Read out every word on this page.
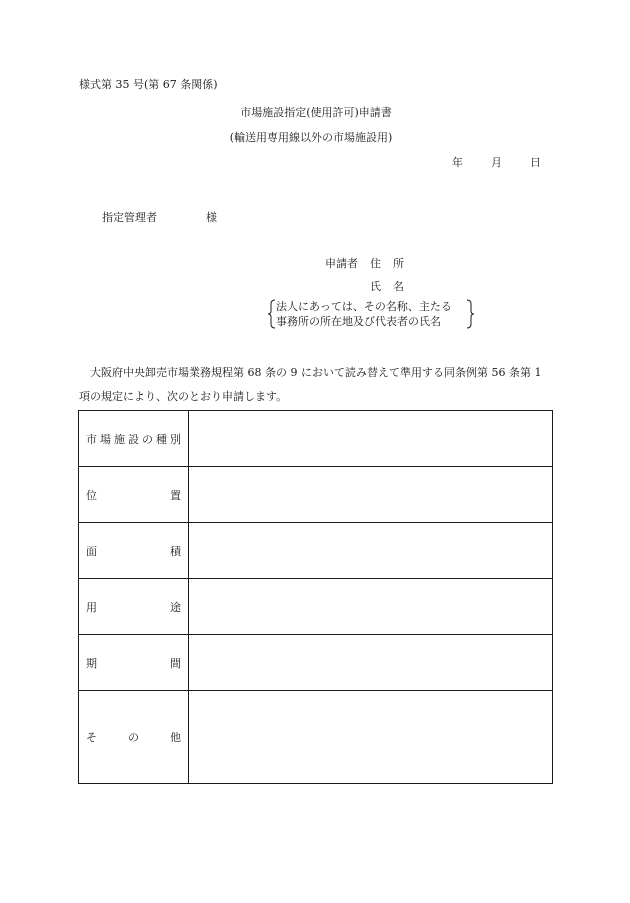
様式第 35 号(第 67 条関係)
市場施設指定(使用許可)申請書
(輸送用専用線以外の市場施設用)
年	月	日
指定管理者	様
申請者 住所
氏名
法人にあっては、その名称、主たる
事務所の所在地及び代表者の氏名
大阪府中央卸売市場業務規程第 68 条の 9 において読み替えて準用する同条例第 56 条第 1 項の規定により、次のとおり申請します。
市場施設の種別	
位置	
面積	
用途	
期間	
その他	
